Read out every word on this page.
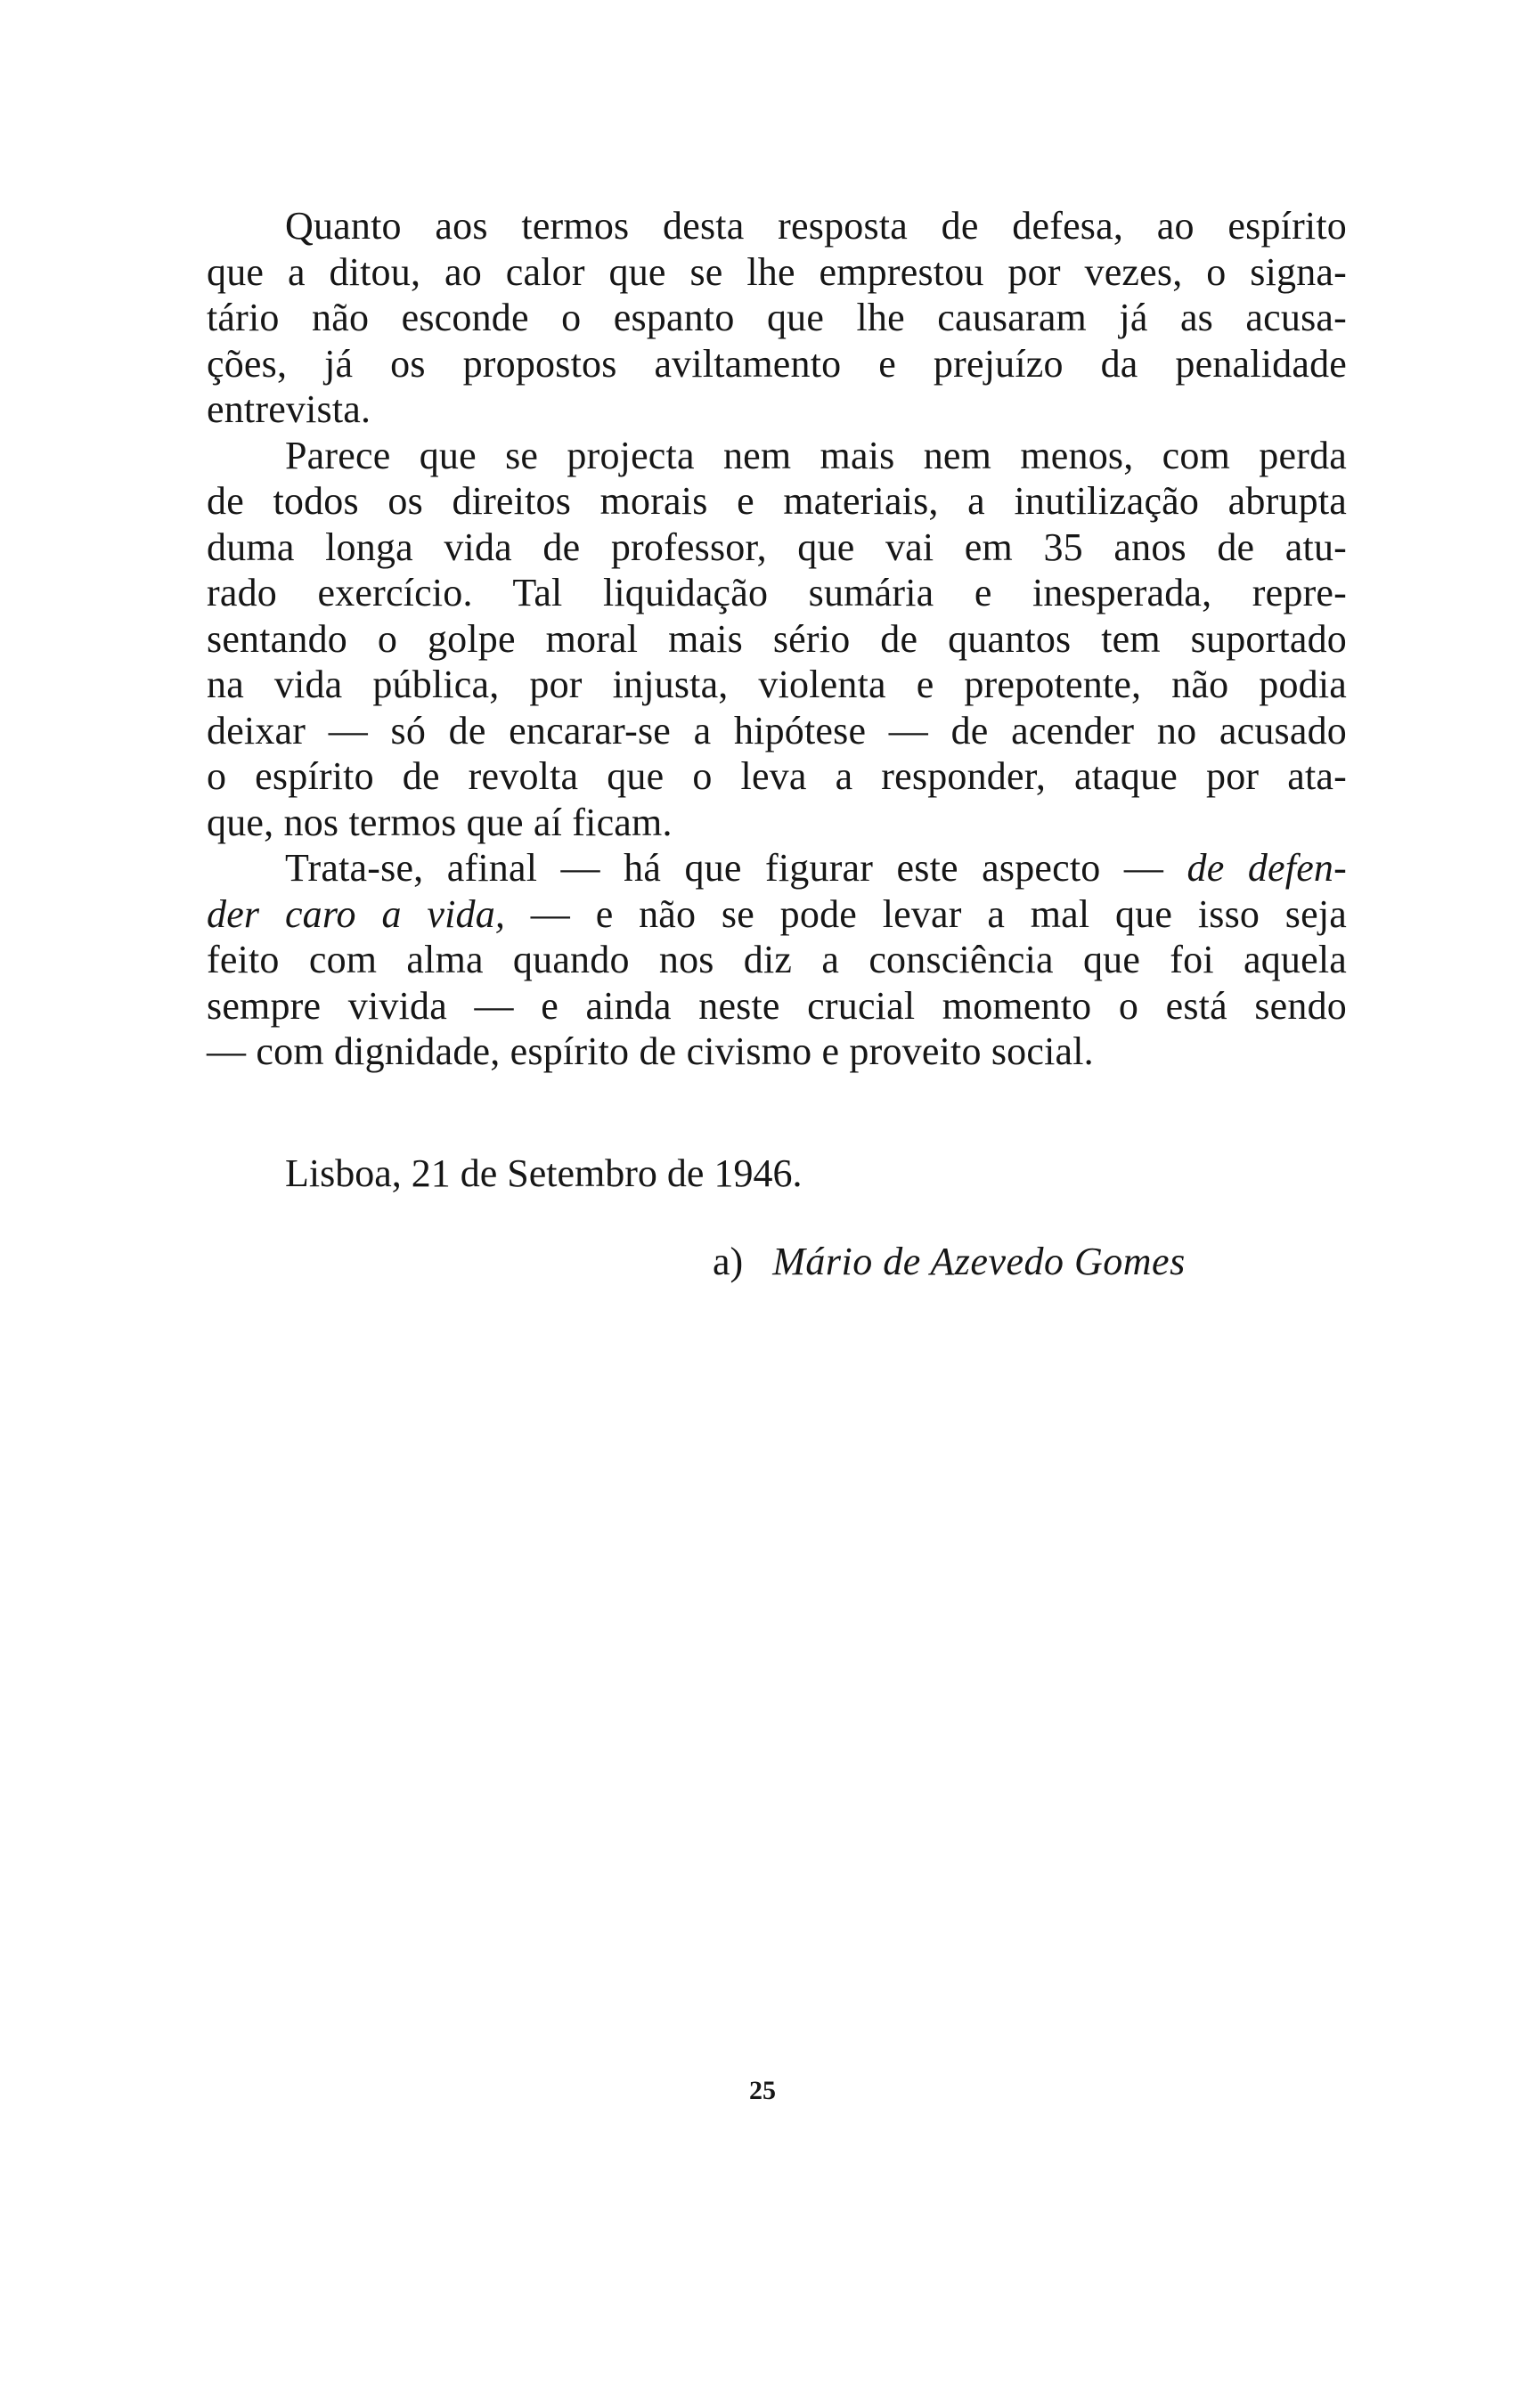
Quanto aos termos desta resposta de defesa, ao espírito
que a ditou, ao calor que se lhe emprestou por vezes, o signa-
tário não esconde o espanto que lhe causaram já as acusa-
ções, já os propostos aviltamento e prejuízo da penalidade
entrevista.
Parece que se projecta nem mais nem menos, com perda
de todos os direitos morais e materiais, a inutilização abrupta
duma longa vida de professor, que vai em 35 anos de atu-
rado exercício. Tal liquidação sumária e inesperada, repre-
sentando o golpe moral mais sério de quantos tem suportado
na vida pública, por injusta, violenta e prepotente, não podia
deixar — só de encarar-se a hipótese — de acender no acusado
o espírito de revolta que o leva a responder, ataque por ata-
que, nos termos que aí ficam.
Trata-se, afinal — há que figurar este aspecto — de defen-
der caro a vida, — e não se pode levar a mal que isso seja
feito com alma quando nos diz a consciência que foi aquela
sempre vivida — e ainda neste crucial momento o está sendo
— com dignidade, espírito de civismo e proveito social.
Lisboa, 21 de Setembro de 1946.
a) Mário de Azevedo Gomes
25
